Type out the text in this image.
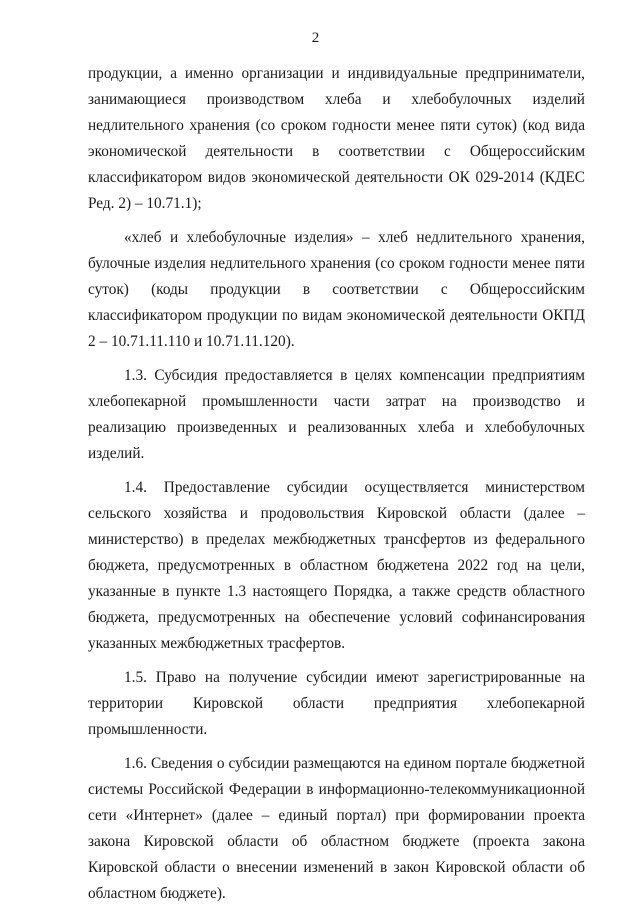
2

продукции, а именно организации и индивидуальные предприниматели, занимающиеся производством хлеба и хлебобулочных изделий недлительного хранения (со сроком годности менее пяти суток) (код вида экономической деятельности в соответствии с Общероссийским классификатором видов экономической деятельности ОК 029-2014 (КДЕС Ред. 2) – 10.71.1);

«хлеб и хлебобулочные изделия» – хлеб недлительного хранения, булочные изделия недлительного хранения (со сроком годности менее пяти суток) (коды продукции в соответствии с Общероссийским классификатором продукции по видам экономической деятельности ОКПД 2 – 10.71.11.110 и 10.71.11.120).

1.3. Субсидия предоставляется в целях компенсации предприятиям хлебопекарной промышленности части затрат на производство и реализацию произведенных и реализованных хлеба и хлебобулочных изделий.

1.4. Предоставление субсидии осуществляется министерством сельского хозяйства и продовольствия Кировской области (далее – министерство) в пределах межбюджетных трансфертов из федерального бюджета, предусмотренных в областном бюджетена 2022 год на цели, указанные в пункте 1.3 настоящего Порядка, а также средств областного бюджета, предусмотренных на обеспечение условий софинансирования указанных межбюджетных трасфертов.

1.5. Право на получение субсидии имеют зарегистрированные на территории Кировской области предприятия хлебопекарной промышленности.

1.6. Сведения о субсидии размещаются на едином портале бюджетной системы Российской Федерации в информационно-телекоммуникационной сети «Интернет» (далее – единый портал) при формировании проекта закона Кировской области об областном бюджете (проекта закона Кировской области о внесении изменений в закон Кировской области об областном бюджете).
